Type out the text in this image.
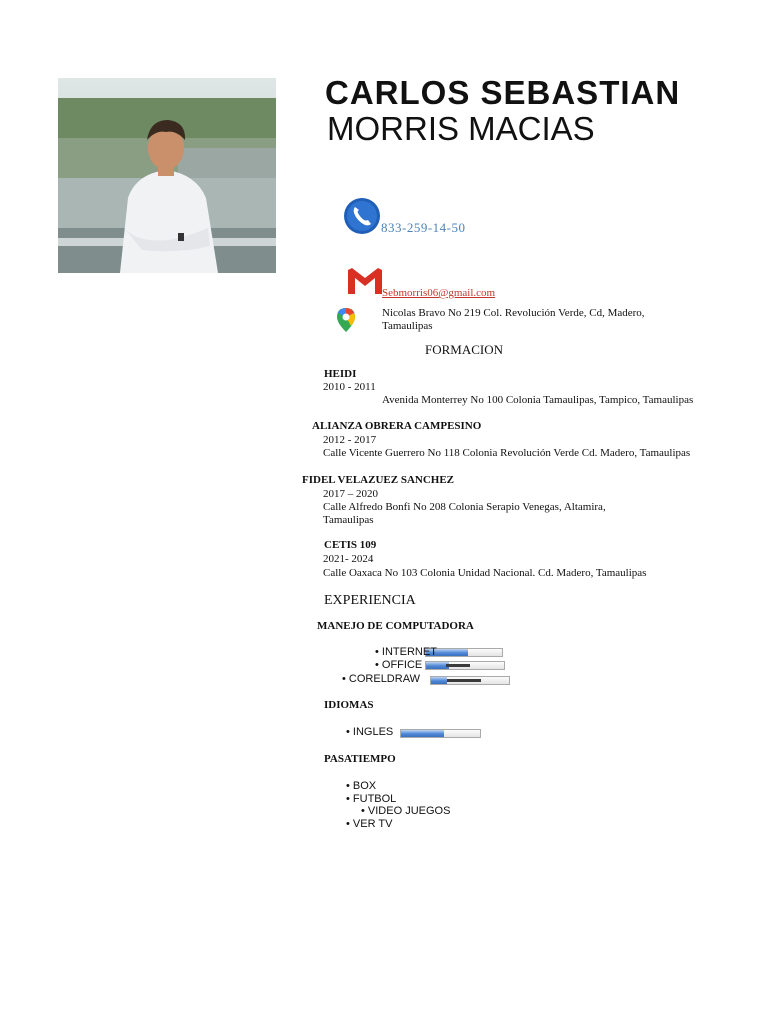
CARLOS SEBASTIAN
MORRIS MACIAS
833-259-14-50
Sebmorris06@gmail.com
Nicolas Bravo No 219 Col. Revolución Verde, Cd, Madero,
Tamaulipas
FORMACION
HEIDI
2010 - 2011
Avenida Monterrey No 100 Colonia Tamaulipas, Tampico, Tamaulipas
ALIANZA OBRERA CAMPESINO
2012 - 2017
Calle Vicente Guerrero No 118 Colonia Revolución Verde Cd. Madero, Tamaulipas
FIDEL VELAZUEZ SANCHEZ
2017 – 2020
Calle Alfredo Bonfi No 208 Colonia Serapio Venegas, Altamira,
Tamaulipas
CETIS 109
2021- 2024
Calle Oaxaca No 103 Colonia Unidad Nacional. Cd. Madero, Tamaulipas
EXPERIENCIA
MANEJO DE COMPUTADORA
• INTERNET
• OFFICE
• CORELDRAW
IDIOMAS
• INGLES
PASATIEMPO
• BOX
• FUTBOL
• VIDEO JUEGOS
• VER TV
